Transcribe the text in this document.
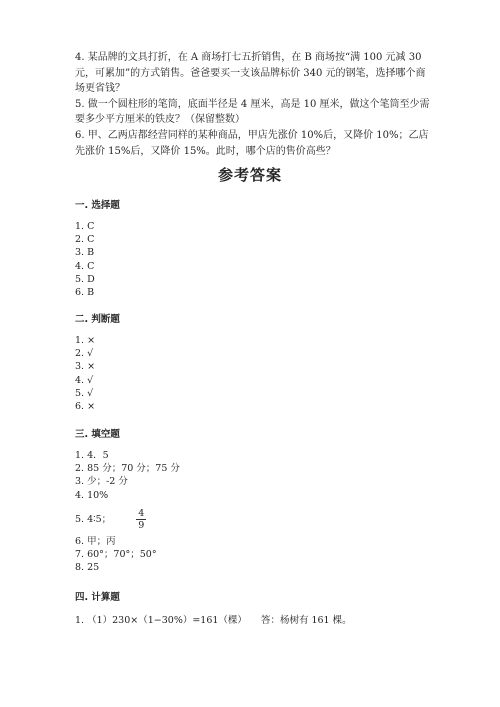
4. 某品牌的文具打折，在 A 商场打七五折销售，在 B 商场按“满 100 元减 30 元，可累加”的方式销售。爸爸要买一支该品牌标价 340 元的钢笔，选择哪个商场更省钱？

5. 做一个圆柱形的笔筒，底面半径是 4 厘米，高是 10 厘米，做这个笔筒至少需要多少平方厘米的铁皮？（保留整数）

6. 甲、乙两店都经营同样的某种商品，甲店先涨价 10%后，又降价 10%；乙店先涨价 15%后，又降价 15%。此时，哪个店的售价高些？

参考答案
一. 选择题
1. C
2. C
3. B
4. C
5. D
6. B
二. 判断题
1. ×
2. √
3. ×
4. √
5. √
6. ×
三. 填空题
1. 4．5
2. 85 分；70 分；75 分
3. 少；-2 分
4. 10%
5. 4∶5；	$\frac{4}{9}$
6. 甲；丙
7. 60°；70°；50°
8. 25
四. 计算题
1. （1）230×（1−30%）=161（棵） 答：杨树有 161 棵。
